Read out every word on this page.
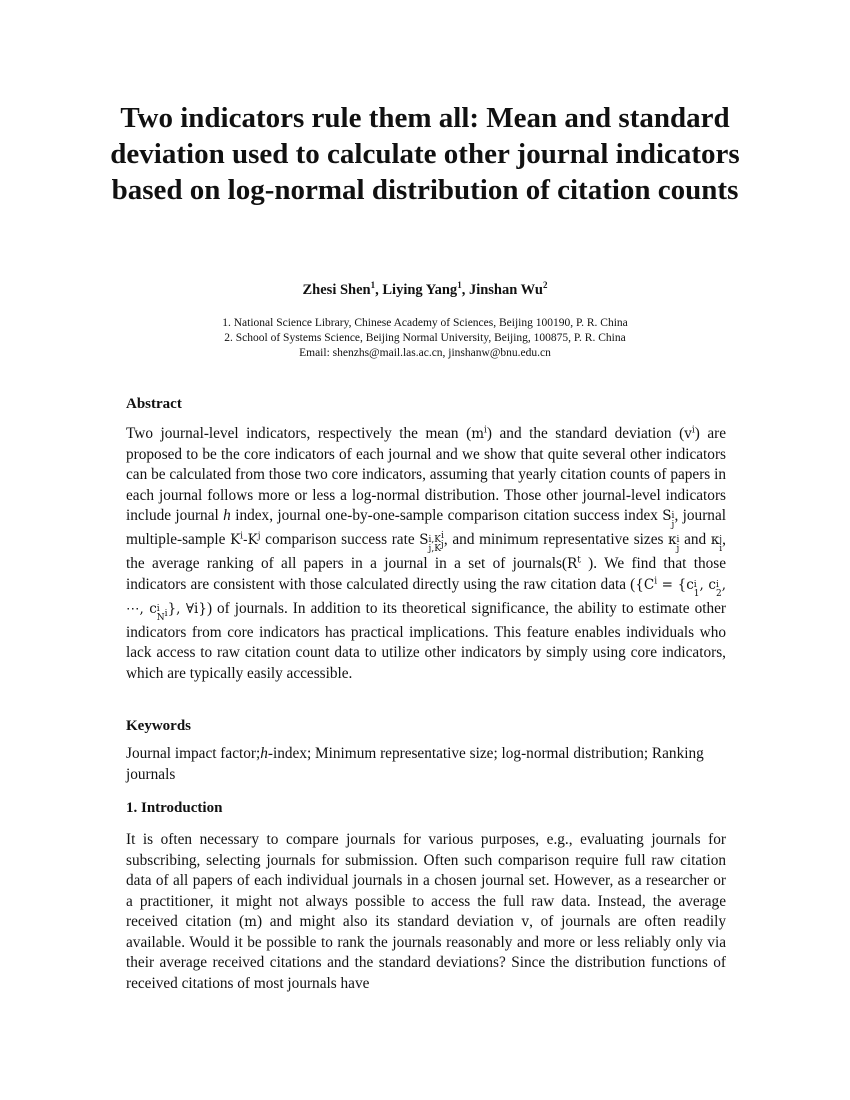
Two indicators rule them all: Mean and standard deviation used to calculate other journal indicators based on log-normal distribution of citation counts
Zhesi Shen$^1$, Liying Yang$^1$, Jinshan Wu$^2$
1. National Science Library, Chinese Academy of Sciences, Beijing 100190, P. R. China
2. School of Systems Science, Beijing Normal University, Beijing, 100875, P. R. China
Email: shenzhs@mail.las.ac.cn, jinshanw@bnu.edu.cn
Abstract

Two journal-level indicators, respectively the mean $(m^i)$ and the standard deviation $(v^i)$ are proposed to be the core indicators of each journal and we show that quite several other indicators can be calculated from those two core indicators, assuming that yearly citation counts of papers in each journal follows more or less a log-normal distribution. Those other journal-level indicators include journal h index, journal one-by-one-sample comparison citation success index S i
j
, journal multiple-sample $K^i-K^j$ comparison success rate S $i,K^i$
$j,K^j$ , and minimum representative sizes κ i
j
and κ j
i
, the average ranking of all papers in a journal in a set of $journals(R^t$ ). We find that those indicators are consistent with those calculated directly using the raw citation data ({$C^i = \{c$ i
1
, c i
2
, ⋯, c i
$N^i$ }, ∀i}) of journals. In addition to its theoretical significance, the ability to estimate other indicators from core indicators has practical implications. This feature enables individuals who lack access to raw citation count data to utilize other indicators by simply using core indicators, which are typically easily accessible.

Keywords

Journal impact factor;h-index; Minimum representative size; log-normal distribution; Ranking journals

1. Introduction

It is often necessary to compare journals for various purposes, e.g., evaluating journals for subscribing, selecting journals for submission. Often such comparison require full raw citation data of all papers of each individual journals in a chosen journal set. However, as a researcher or a practitioner, it might not always possible to access the full raw data. Instead, the average received citation (m) and might also its standard deviation v, of journals are often readily available. Would it be possible to rank the journals reasonably and more or less reliably only via their average received citations and the standard deviations? Since the distribution functions of received citations of most journals have
